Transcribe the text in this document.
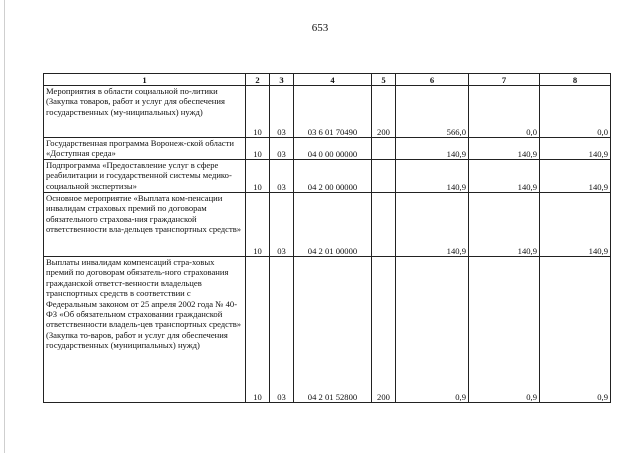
653
1	2	3	4	5	6	7	8
Мероприятия в области социальной по-литики (Закупка товаров, работ и услуг для обеспечения государственных (му-ниципальных) нужд)	10	03	03 6 01 70490	200	566,0	0,0	0,0
Государственная программа Воронеж-ской области «Доступная среда»	10	03	04 0 00 00000		140,9	140,9	140,9
Подпрограмма «Предоставление услуг в сфере реабилитации и государственной системы медико-социальной экспертизы»	10	03	04 2 00 00000		140,9	140,9	140,9
Основное мероприятие «Выплата ком-пенсации инвалидам страховых премий по договорам обязательного страхова-ния гражданской ответственности вла-дельцев транспортных средств»	10	03	04 2 01 00000		140,9	140,9	140,9
Выплаты инвалидам компенсаций стра-ховых премий по договорам обязатель-ного страхования гражданской ответст-венности владельцев транспортных средств в соответствии с Федеральным законом от 25 апреля 2002 года № 40-ФЗ «Об обязательном страховании гражданской ответственности владель-цев транспортных средств» (Закупка то-варов, работ и услуг для обеспечения государственных (муниципальных) нужд)	10	03	04 2 01 52800	200	0,9	0,9	0,9
